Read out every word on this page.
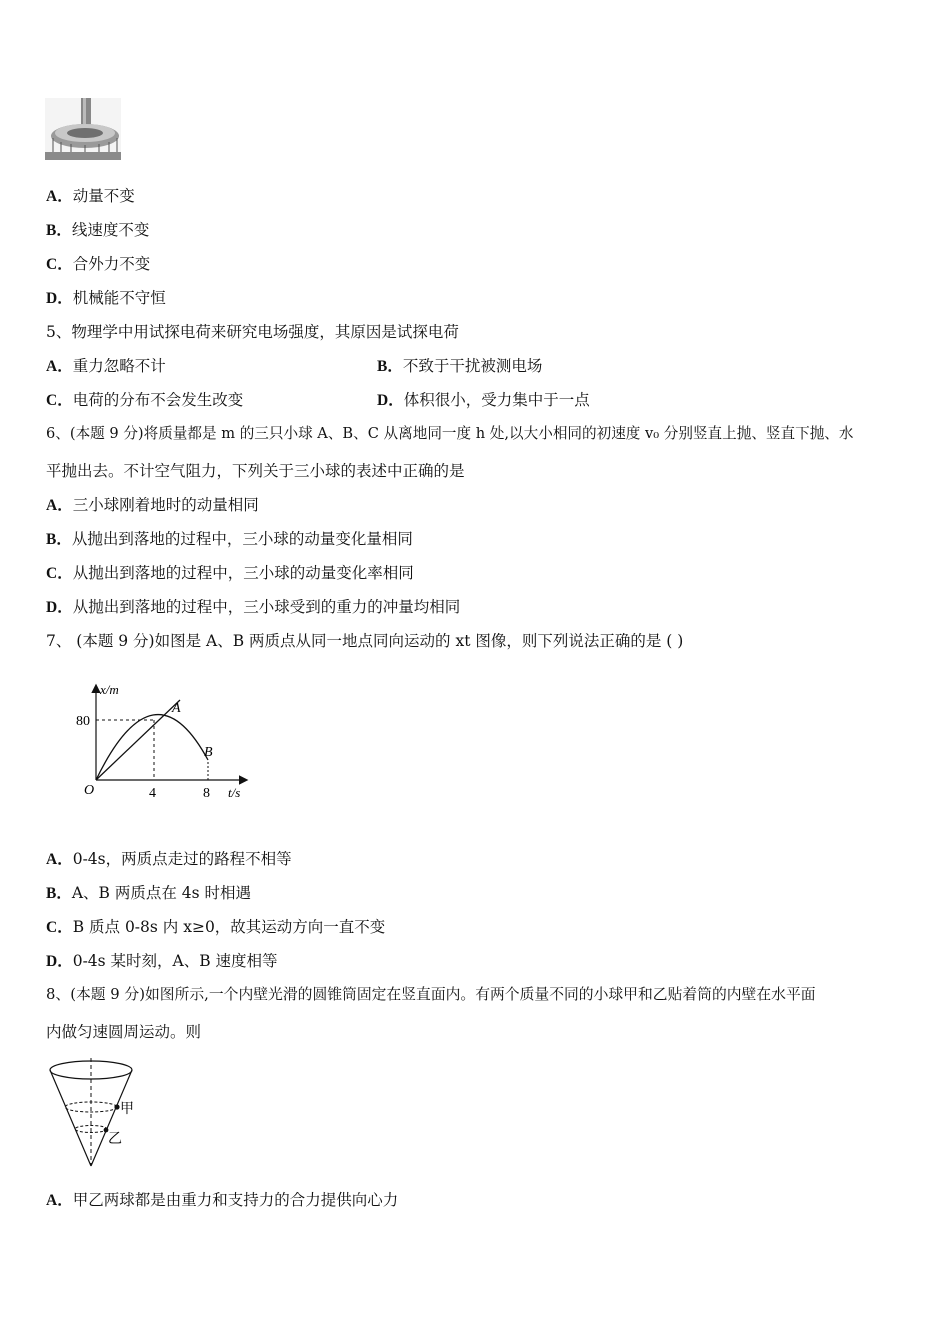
A．动量不变
B．线速度不变
C．合外力不变
D．机械能不守恒
5、物理学中用试探电荷来研究电场强度，其原因是试探电荷
A．重力忽略不计	B．不致于干扰被测电场
C．电荷的分布不会发生改变	D．体积很小，受力集中于一点
6、(本题 9 分)将质量都是 m 的三只小球 A、B、C 从离地同一度 h 处,以大小相同的初速度 v₀ 分别竖直上抛、竖直下抛、水
平抛出去。不计空气阻力，下列关于三小球的表述中正确的是
A．三小球刚着地时的动量相同
B．从抛出到落地的过程中，三小球的动量变化量相同
C．从抛出到落地的过程中，三小球的动量变化率相同
D．从抛出到落地的过程中，三小球受到的重力的冲量均相同
7、 (本题 9 分)如图是 A、B 两质点从同一地点同向运动的 xt 图像，则下列说法正确的是 ( )
x/m
80
A
B
O	4	8 t/s
A．0-4s，两质点走过的路程不相等
B．A、B 两质点在 4s 时相遇
C．B 质点 0-8s 内 x≥0，故其运动方向一直不变
D．0-4s 某时刻，A、B 速度相等
8、(本题 9 分)如图所示,一个内壁光滑的圆锥筒固定在竖直面内。有两个质量不同的小球甲和乙贴着筒的内壁在水平面
内做匀速圆周运动。则
甲
乙
A．甲乙两球都是由重力和支持力的合力提供向心力
